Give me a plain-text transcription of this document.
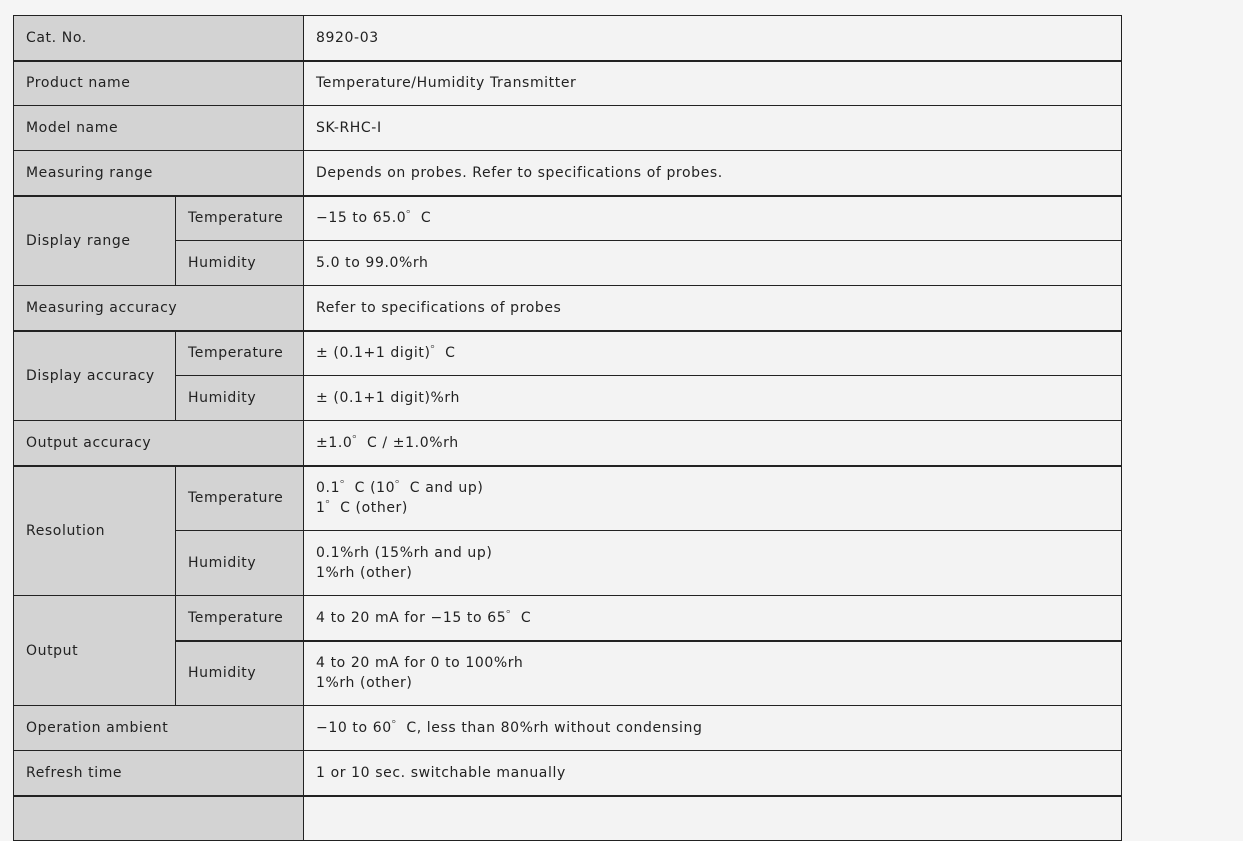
Cat. No.		8920-03
Product name		Temperature/Humidity Transmitter
Model name		SK-RHC-I
Measuring range		Depends on probes. Refer to specifications of probes.
Display range	Temperature	−15 to 65.0゜C
	Humidity	5.0 to 99.0%rh
Measuring accuracy		Refer to specifications of probes
Display accuracy	Temperature	± (0.1+1 digit)゜C
	Humidity	± (0.1+1 digit)%rh
Output accuracy		±1.0゜C / ±1.0%rh
Resolution	Temperature	0.1゜C (10゜C and up)
1゜C (other)

	Humidity	0.1%rh (15%rh and up)
1%rh (other)

Output	Temperature	4 to 20 mA for −15 to 65゜C
	Humidity	4 to 20 mA for 0 to 100%rh
1%rh (other)

Operation ambient		−10 to 60゜C, less than 80%rh without condensing
Refresh time		1 or 10 sec. switchable manually
